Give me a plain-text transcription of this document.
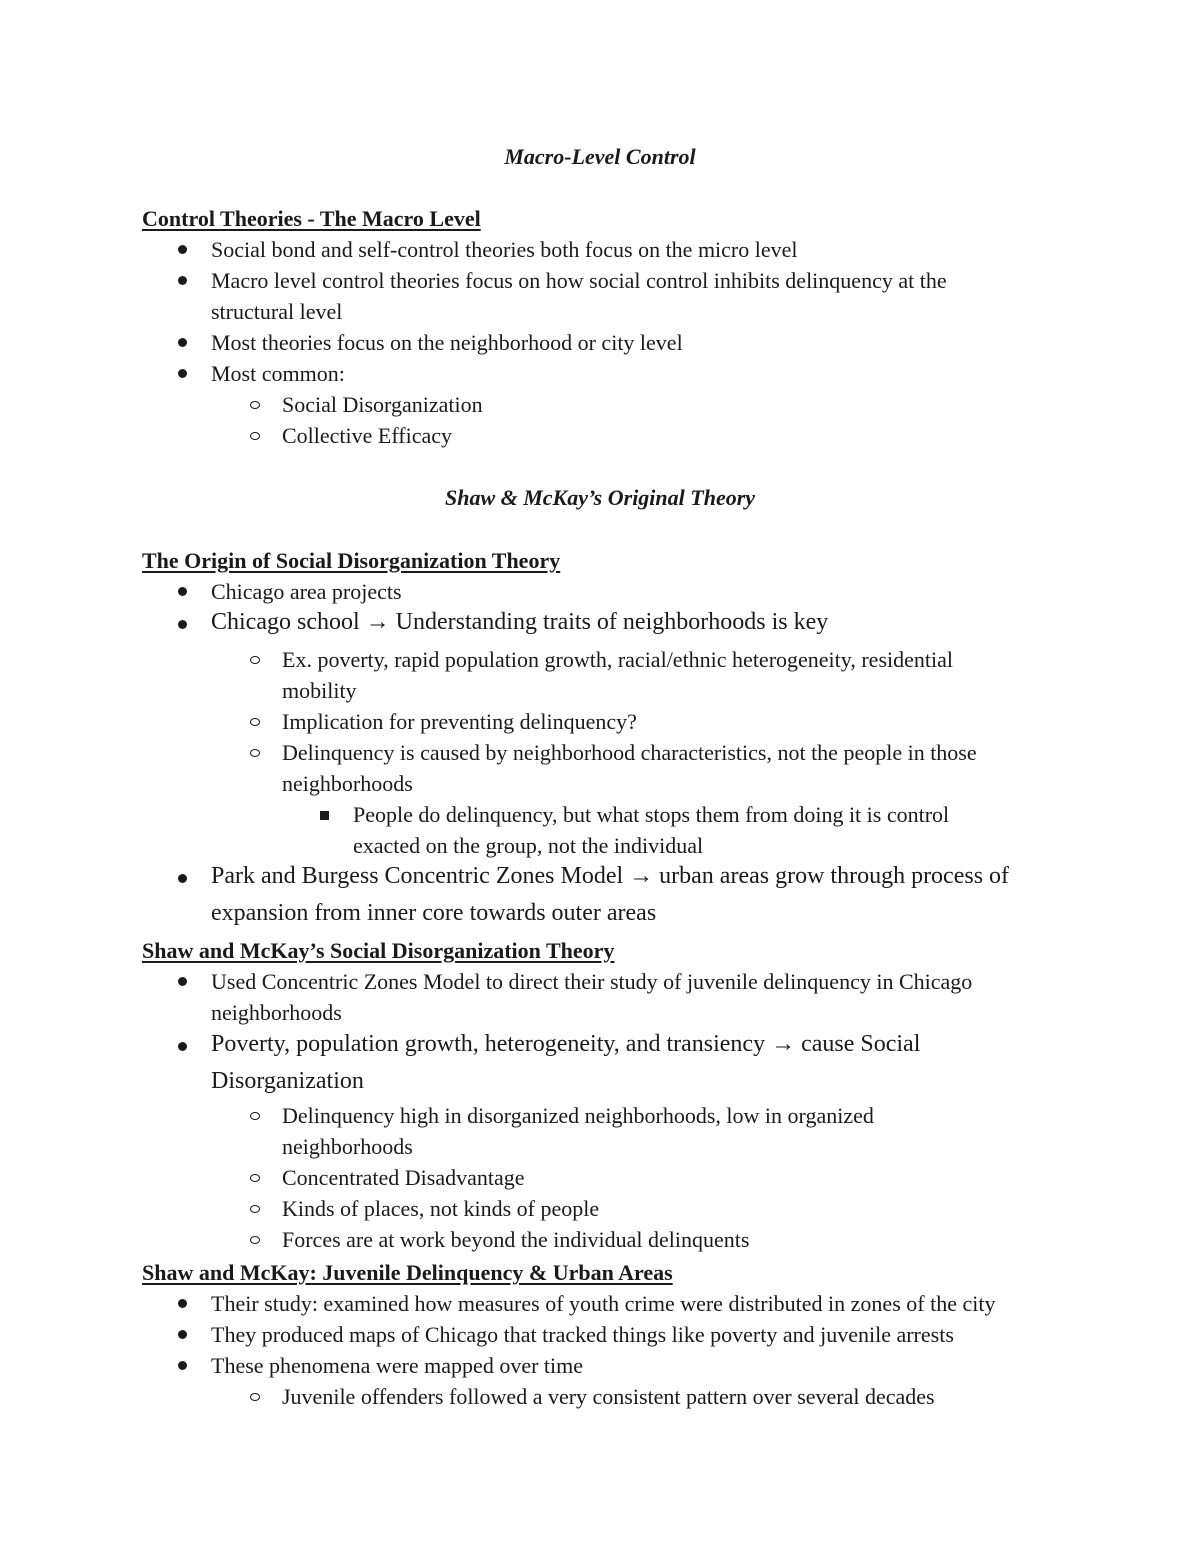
Macro-Level Control
Control Theories - The Macro Level
Social bond and self-control theories both focus on the micro level
Macro level control theories focus on how social control inhibits delinquency at the
structural level
Most theories focus on the neighborhood or city level
Most common:
Social Disorganization
Collective Efficacy
Shaw & McKay’s Original Theory
The Origin of Social Disorganization Theory
Chicago area projects
Chicago school → Understanding traits of neighborhoods is key
Ex. poverty, rapid population growth, racial/ethnic heterogeneity, residential
mobility
Implication for preventing delinquency?
Delinquency is caused by neighborhood characteristics, not the people in those
neighborhoods
People do delinquency, but what stops them from doing it is control
exacted on the group, not the individual
Park and Burgess Concentric Zones Model → urban areas grow through process of
expansion from inner core towards outer areas
Shaw and McKay’s Social Disorganization Theory
Used Concentric Zones Model to direct their study of juvenile delinquency in Chicago
neighborhoods
Poverty, population growth, heterogeneity, and transiency → cause Social
Disorganization
Delinquency high in disorganized neighborhoods, low in organized
neighborhoods
Concentrated Disadvantage
Kinds of places, not kinds of people
Forces are at work beyond the individual delinquents
Shaw and McKay: Juvenile Delinquency & Urban Areas
Their study: examined how measures of youth crime were distributed in zones of the city
They produced maps of Chicago that tracked things like poverty and juvenile arrests
These phenomena were mapped over time
Juvenile offenders followed a very consistent pattern over several decades
